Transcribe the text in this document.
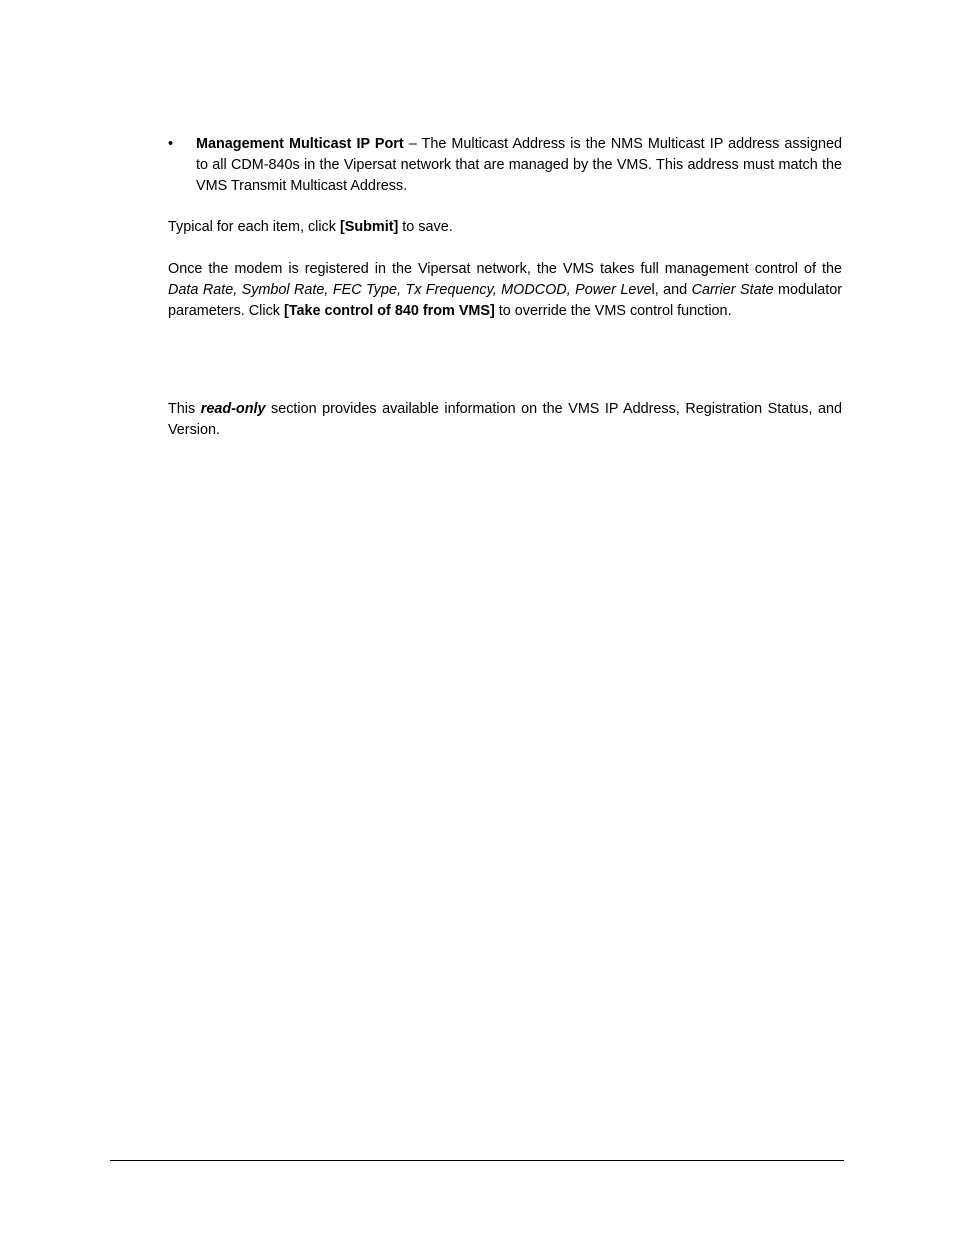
• Management Multicast IP Port – The Multicast Address is the NMS Multicast IP address assigned to all CDM-840s in the Vipersat network that are managed by the VMS. This address must match the VMS Transmit Multicast Address.

Typical for each item, click [Submit] to save.

Once the modem is registered in the Vipersat network, the VMS takes full management control of the Data Rate, Symbol Rate, FEC Type, Tx Frequency, MODCOD, Power Level, and Carrier State modulator parameters. Click [Take control of 840 from VMS] to override the VMS control function.

This read-only section provides available information on the VMS IP Address, Registration Status, and Version.
